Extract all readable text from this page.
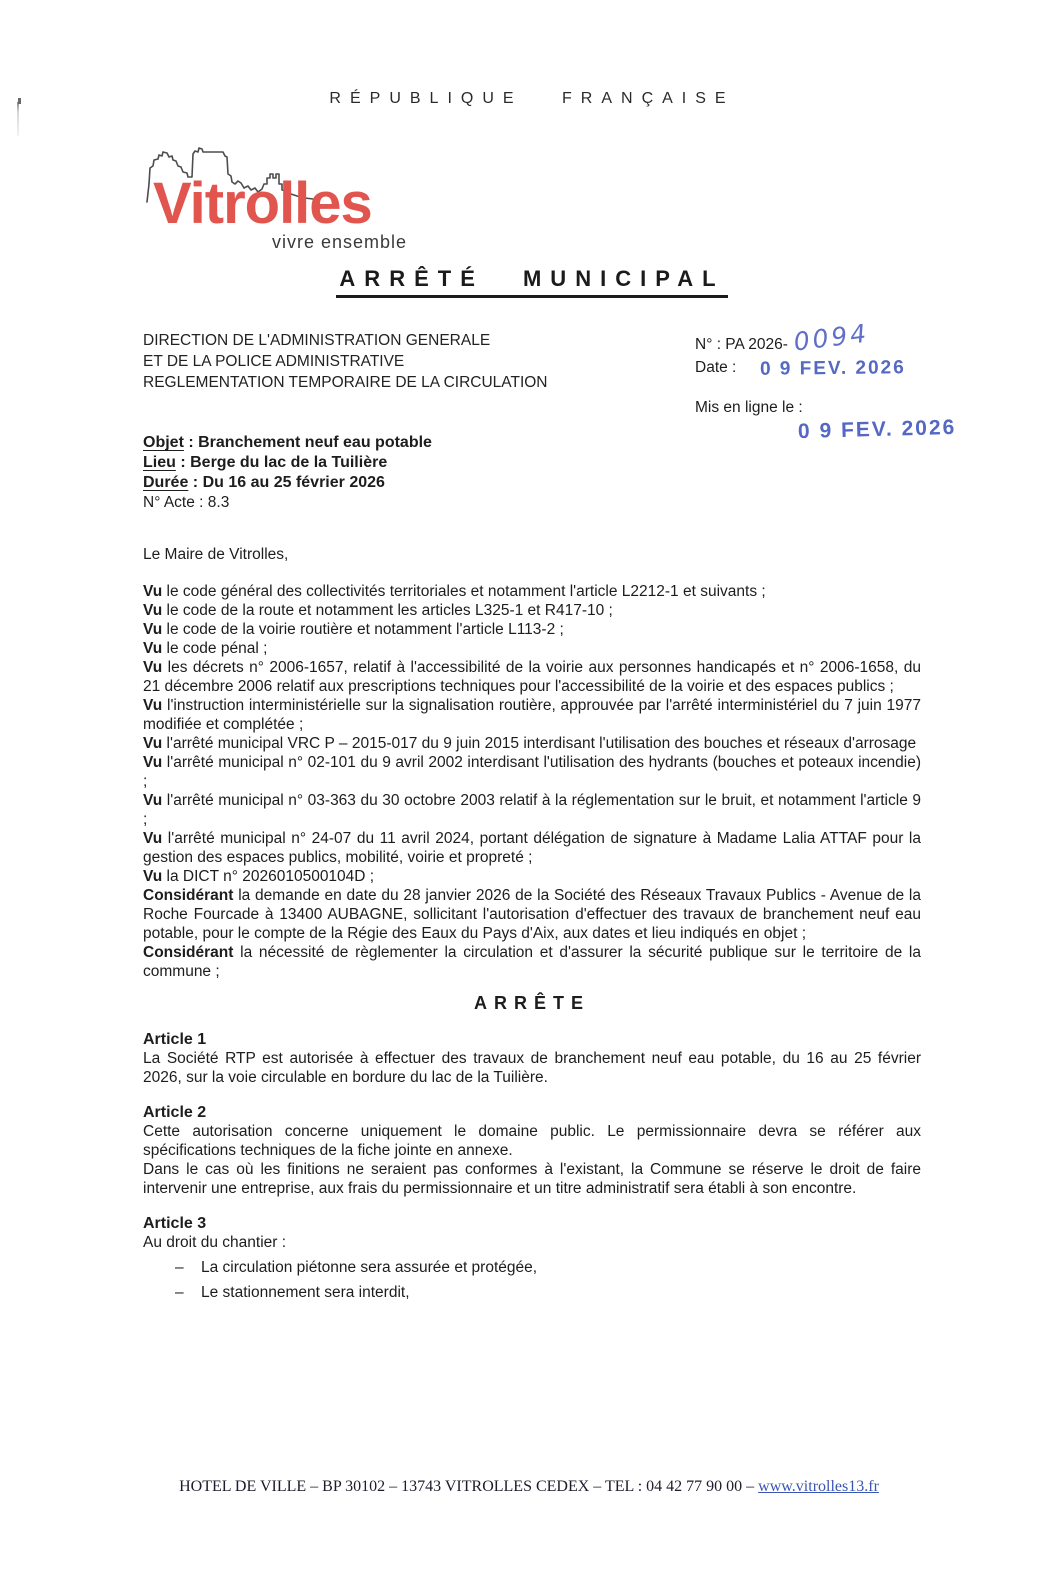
RÉPUBLIQUE FRANÇAISE
Vitrolles
vivre ensemble
ARRÊTÉ MUNICIPAL
DIRECTION DE L'ADMINISTRATION GENERALE
ET DE LA POLICE ADMINISTRATIVE
REGLEMENTATION TEMPORAIRE DE LA CIRCULATION
N° : PA 2026- 0094
Date : 0 9 FEV. 2026
Mis en ligne le :
0 9 FEV. 2026
Objet : Branchement neuf eau potable
Lieu : Berge du lac de la Tuilière
Durée : Du 16 au 25 février 2026
N° Acte : 8.3
Le Maire de Vitrolles,

Vu le code général des collectivités territoriales et notamment l'article L2212-1 et suivants ;

Vu le code de la route et notamment les articles L325-1 et R417-10 ;

Vu le code de la voirie routière et notamment l'article L113-2 ;

Vu le code pénal ;

Vu les décrets n° 2006-1657, relatif à l'accessibilité de la voirie aux personnes handicapés et n° 2006-1658, du 21 décembre 2006 relatif aux prescriptions techniques pour l'accessibilité de la voirie et des espaces publics ;

Vu l'instruction interministérielle sur la signalisation routière, approuvée par l'arrêté interministériel du 7 juin 1977 modifiée et complétée ;

Vu l'arrêté municipal VRC P – 2015-017 du 9 juin 2015 interdisant l'utilisation des bouches et réseaux d'arrosage

Vu l'arrêté municipal n° 02-101 du 9 avril 2002 interdisant l'utilisation des hydrants (bouches et poteaux incendie) ;

Vu l'arrêté municipal n° 03-363 du 30 octobre 2003 relatif à la réglementation sur le bruit, et notamment l'article 9 ;

Vu l'arrêté municipal n° 24-07 du 11 avril 2024, portant délégation de signature à Madame Lalia ATTAF pour la gestion des espaces publics, mobilité, voirie et propreté ;

Vu la DICT n° 2026010500104D ;

Considérant la demande en date du 28 janvier 2026 de la Société des Réseaux Travaux Publics - Avenue de la Roche Fourcade à 13400 AUBAGNE, sollicitant l'autorisation d'effectuer des travaux de branchement neuf eau potable, pour le compte de la Régie des Eaux du Pays d'Aix, aux dates et lieu indiqués en objet ;

Considérant la nécessité de règlementer la circulation et d'assurer la sécurité publique sur le territoire de la commune ;

ARRÊTE
Article 1

La Société RTP est autorisée à effectuer des travaux de branchement neuf eau potable, du 16 au 25 février 2026, sur la voie circulable en bordure du lac de la Tuilière.

Article 2

Cette autorisation concerne uniquement le domaine public. Le permissionnaire devra se référer aux spécifications techniques de la fiche jointe en annexe.

Dans le cas où les finitions ne seraient pas conformes à l'existant, la Commune se réserve le droit de faire intervenir une entreprise, aux frais du permissionnaire et un titre administratif sera établi à son encontre.

Article 3

Au droit du chantier :

–	La circulation piétonne sera assurée et protégée,
–	Le stationnement sera interdit,
HOTEL DE VILLE – BP 30102 – 13743 VITROLLES CEDEX – TEL : 04 42 77 90 00 – www.vitrolles13.fr
